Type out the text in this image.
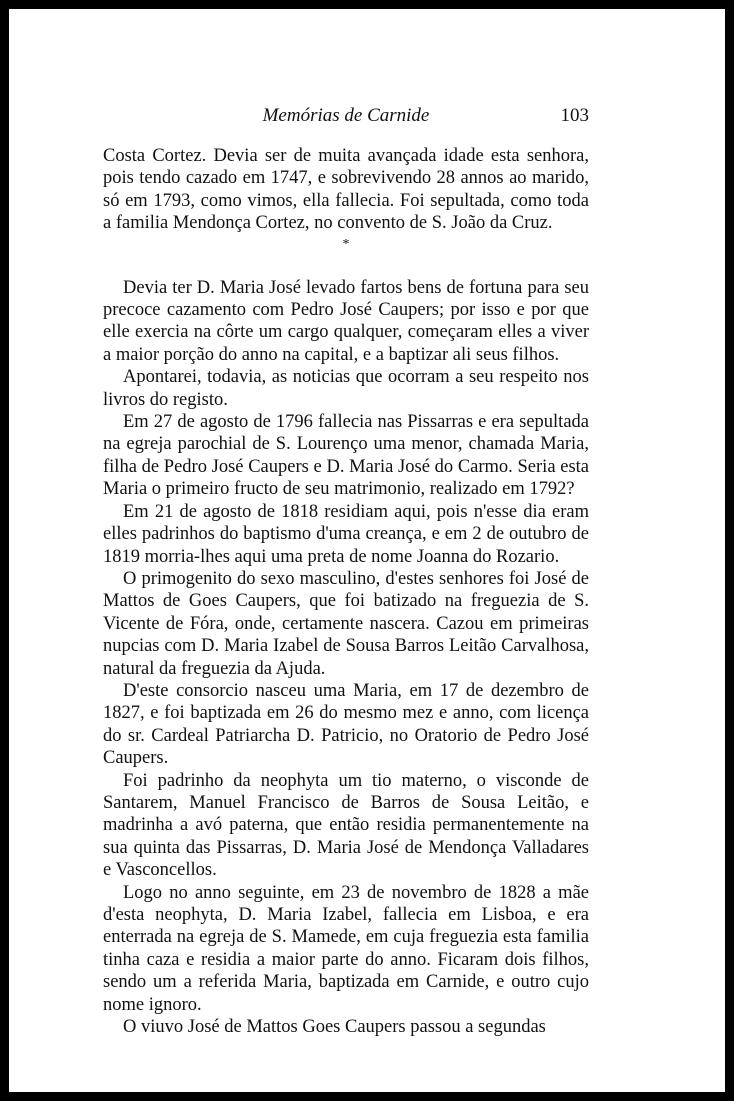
Memórias de Carnide	103

Costa Cortez. Devia ser de muita avançada idade esta senhora, pois tendo cazado em 1747, e sobrevivendo 28 annos ao marido, só em 1793, como vimos, ella fallecia. Foi sepultada, como toda a familia Mendonça Cortez, no convento de S. João da Cruz.

*

Devia ter D. Maria José levado fartos bens de fortuna para seu precoce cazamento com Pedro José Caupers; por isso e por que elle exercia na côrte um cargo qualquer, começaram elles a viver a maior porção do anno na capital, e a baptizar ali seus filhos.

Apontarei, todavia, as noticias que ocorram a seu respeito nos livros do registo.

Em 27 de agosto de 1796 fallecia nas Pissarras e era sepultada na egreja parochial de S. Lourenço uma menor, chamada Maria, filha de Pedro José Caupers e D. Maria José do Carmo. Seria esta Maria o primeiro fructo de seu matrimonio, realizado em 1792?

Em 21 de agosto de 1818 residiam aqui, pois n'esse dia eram elles padrinhos do baptismo d'uma creança, e em 2 de outubro de 1819 morria-lhes aqui uma preta de nome Joanna do Rozario.

O primogenito do sexo masculino, d'estes senhores foi José de Mattos de Goes Caupers, que foi batizado na freguezia de S. Vicente de Fóra, onde, certamente nascera. Cazou em primeiras nupcias com D. Maria Izabel de Sousa Barros Leitão Carvalhosa, natural da freguezia da Ajuda.

D'este consorcio nasceu uma Maria, em 17 de dezembro de 1827, e foi baptizada em 26 do mesmo mez e anno, com licença do sr. Cardeal Patriarcha D. Patricio, no Oratorio de Pedro José Caupers.

Foi padrinho da neophyta um tio materno, o visconde de Santarem, Manuel Francisco de Barros de Sousa Leitão, e madrinha a avó paterna, que então residia permanentemente na sua quinta das Pissarras, D. Maria José de Mendonça Valladares e Vasconcellos.

Logo no anno seguinte, em 23 de novembro de 1828 a mãe d'esta neophyta, D. Maria Izabel, fallecia em Lisboa, e era enterrada na egreja de S. Mamede, em cuja freguezia esta familia tinha caza e residia a maior parte do anno. Ficaram dois filhos, sendo um a referida Maria, baptizada em Carnide, e outro cujo nome ignoro.

O viuvo José de Mattos Goes Caupers passou a segundas
